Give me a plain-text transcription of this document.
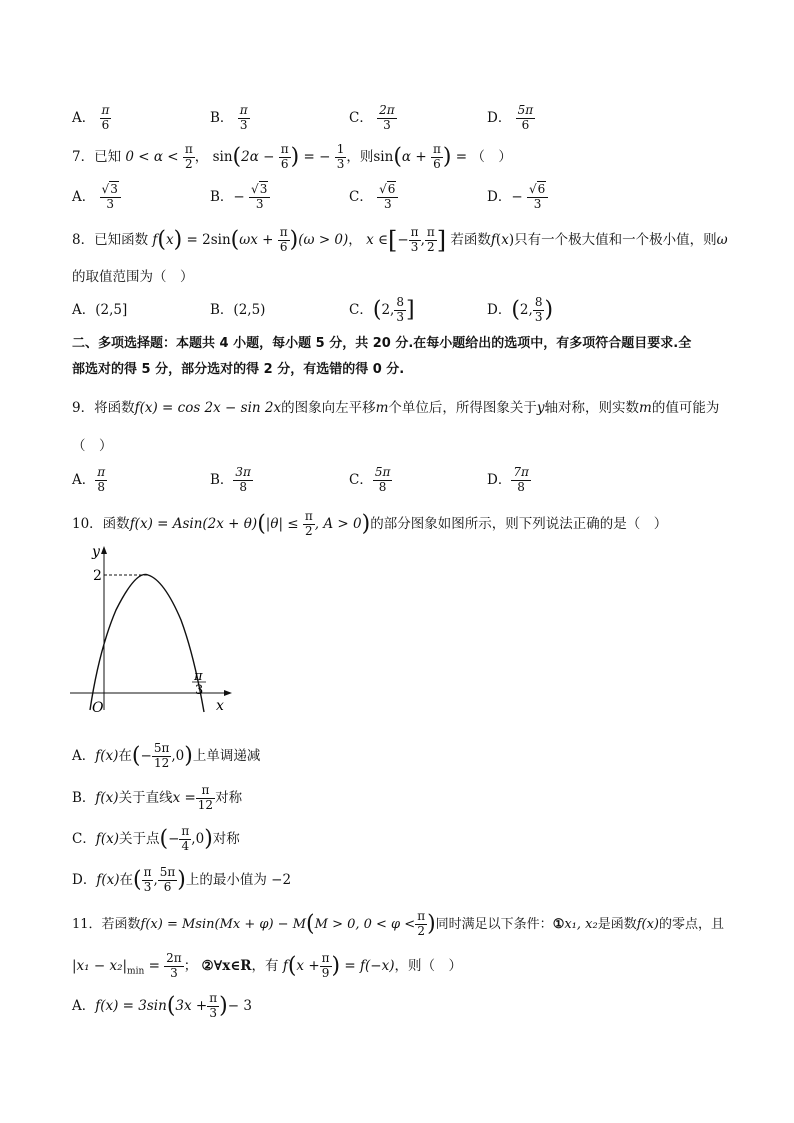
A． $\frac{\pi}{6}$	B． $\frac{\pi}{3}$	C． $\frac{2\pi}{3}$	D． $\frac{5\pi}{6}$
7．已知 $0 < \alpha < \frac{\pi}{2}$ ， $\sin(2\alpha - \frac{\pi}{6}$ ) = − $\frac{1}{3}$ ，则$\sin(\alpha + \frac{\pi}{6}$ ) = （　）
A． $\frac{√3}{3}$	B．− $\frac{√3}{3}$	C． $\frac{√6}{3}$	D．− $\frac{√6}{3}$
8．已知函数 $f(x) = 2\sin(\omega x + \frac{\pi}{6} )(\omega > 0)$， x ∈[− $\frac{\pi}{3}$ , $\frac{\pi}{2}$ ] 若函数f(x)只有一个极大值和一个极小值，则ω
的取值范围为（　）
A．(2,5]	B．(2,5)	C．(2, $\frac{8}{3}$ ]	D．(2, $\frac{8}{3}$ )
二、多项选择题：本题共 4 小题，每小题 5 分，共 20 分.在每小题给出的选项中，有多项符合题目要求.全
部选对的得 5 分，部分选对的得 2 分，有选错的得 0 分.
9．将函数f(x) = cos 2x − sin 2x的图象向左平移m个单位后，所得图象关于y轴对称，则实数m的值可能为
（　）
A． $\frac{\pi}{8}$	B． $\frac{3\pi}{8}$	C． $\frac{5\pi}{8}$	D． $\frac{7\pi}{8}$
10．函数$f(x) = Asin(2x + \theta)(|\theta| \le \frac{\pi}{2}$ , A > 0)的部分图象如图所示，则下列说法正确的是（　）
y
x
O
2
π
3
A．f(x)在(− $\frac{5\pi}{12} ,0$)上单调递减
B．f(x)关于直线$x = \frac{\pi}{12}$ 对称
C．f(x)关于点(− $\frac{\pi}{4} ,0$)对称
D．f(x)在( $\frac{\pi}{3}$ , $\frac{5\pi}{6}$ )上的最小值为 −2
11．若函数f(x) = Msin(Mx + φ) − M(M > 0, $0 < \varphi < \frac{\pi}{2}$ )同时满足以下条件：①x₁, x₂是函数f(x)的零点，且
$|x_1 - x_2|_{min} = \frac{2\pi}{3}$ ； ②∀x∈R，有 $f(x + \frac{\pi}{9}$ ) = f(−x)，则（　）
A．$f(x) = 3\sin(3x + \frac{\pi}{3}$ )− 3
